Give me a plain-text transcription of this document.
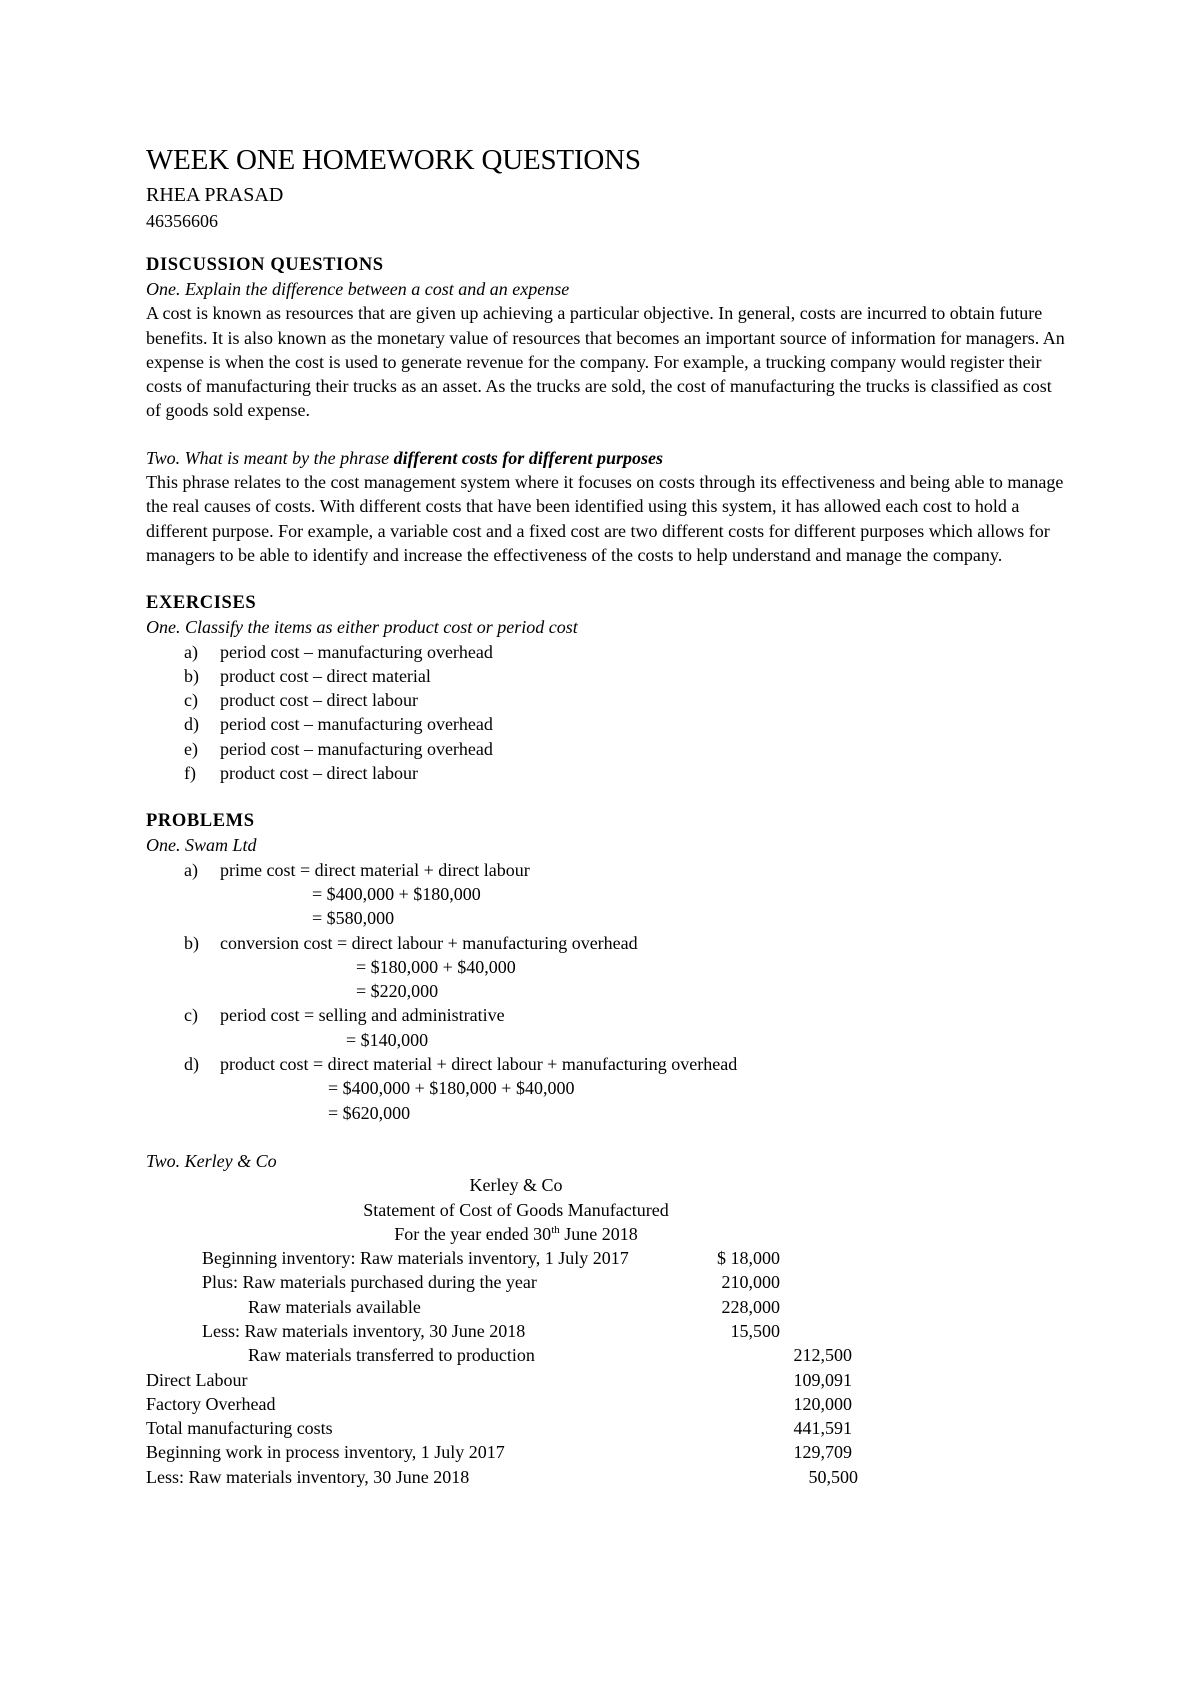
WEEK ONE HOMEWORK QUESTIONS
RHEA PRASAD
46356606
DISCUSSION QUESTIONS
One. Explain the difference between a cost and an expense

A cost is known as resources that are given up achieving a particular objective. In general, costs are incurred to obtain future benefits. It is also known as the monetary value of resources that becomes an important source of information for managers. An expense is when the cost is used to generate revenue for the company. For example, a trucking company would register their costs of manufacturing their trucks as an asset. As the trucks are sold, the cost of manufacturing the trucks is classified as cost of goods sold expense.

Two. What is meant by the phrase different costs for different purposes

This phrase relates to the cost management system where it focuses on costs through its effectiveness and being able to manage the real causes of costs. With different costs that have been identified using this system, it has allowed each cost to hold a different purpose. For example, a variable cost and a fixed cost are two different costs for different purposes which allows for managers to be able to identify and increase the effectiveness of the costs to help understand and manage the company.

EXERCISES
One. Classify the items as either product cost or period cost
a) period cost – manufacturing overhead
b) product cost – direct material
c) product cost – direct labour
d) period cost – manufacturing overhead
e) period cost – manufacturing overhead
f) product cost – direct labour
PROBLEMS
One. Swam Ltd
a) prime cost = direct material + direct labour
= $400,000 + $180,000
= $580,000
b) conversion cost = direct labour + manufacturing overhead
= $180,000 + $40,000
= $220,000
c) period cost = selling and administrative
= $140,000
d) product cost = direct material + direct labour + manufacturing overhead
= $400,000 + $180,000 + $40,000
= $620,000
Two. Kerley & Co
Kerley & Co
Statement of Cost of Goods Manufactured
For the year ended 30th June 2018
Beginning inventory: Raw materials inventory, 1 July 2017	$ 18,000
Plus: Raw materials purchased during the year	210,000
Raw materials available	228,000
Less: Raw materials inventory, 30 June 2018	15,500
Raw materials transferred to production	212,500
Direct Labour	109,091
Factory Overhead	120,000
Total manufacturing costs	441,591
Beginning work in process inventory, 1 July 2017	129,709
Less: Raw materials inventory, 30 June 2018	50,500
